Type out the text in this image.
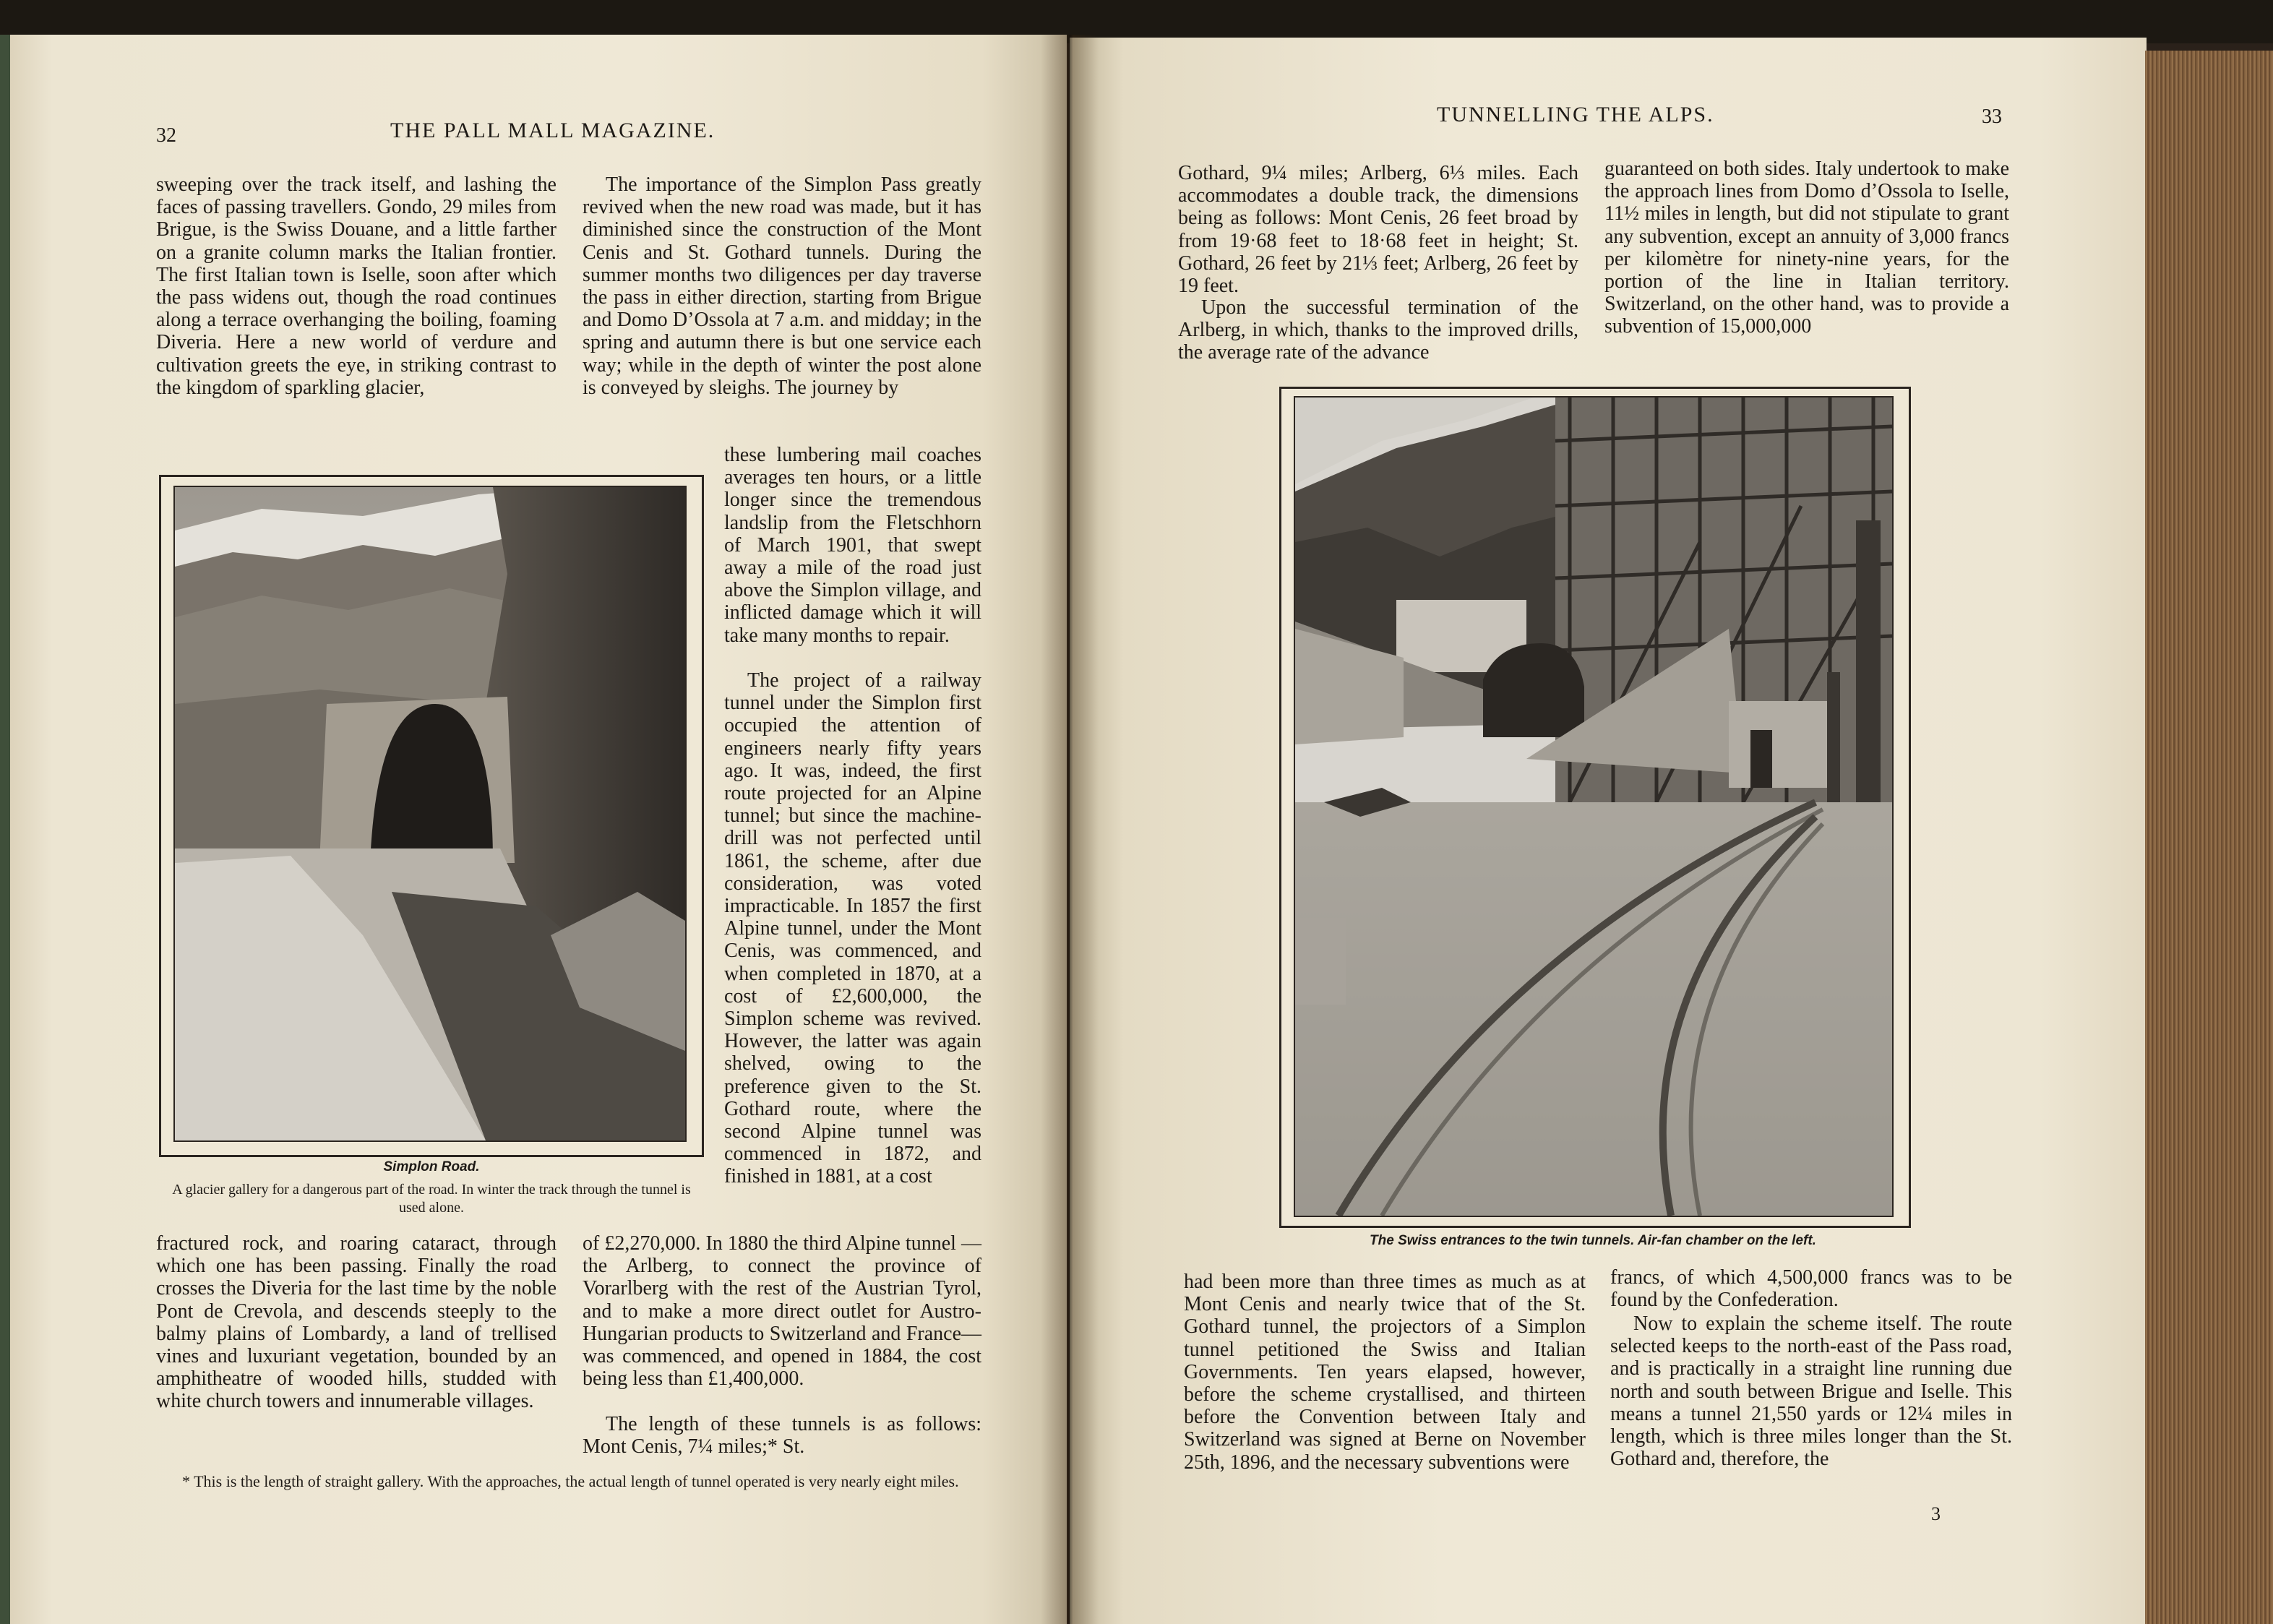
32	THE PALL MALL MAGAZINE.

sweeping over the track itself, and lashing the faces of passing travellers. Gondo, 29 miles from Brigue, is the Swiss Douane, and a little farther on a granite column marks the Italian frontier. The first Italian town is Iselle, soon after which the pass widens out, though the road continues along a terrace overhanging the boiling, foaming Diveria. Here a new world of verdure and cultivation greets the eye, in striking contrast to the kingdom of sparkling glacier,

The importance of the Simplon Pass greatly revived when the new road was made, but it has diminished since the construction of the Mont Cenis and St. Gothard tunnels. During the summer months two diligences per day traverse the pass in either direction, starting from Brigue and Domo D’Ossola at 7 a.m. and midday; in the spring and autumn there is but one service each way; while in the depth of winter the post alone is conveyed by sleighs. The journey by

these lumbering mail coaches averages ten hours, or a little longer since the tremendous landslip from the Fletschhorn of March 1901, that swept away a mile of the road just above the Simplon village, and inflicted damage which it will take many months to repair.

The project of a railway tunnel under the Simplon first occupied the attention of engineers nearly fifty years ago. It was, indeed, the first route projected for an Alpine tunnel; but since the machine-drill was not perfected until 1861, the scheme, after due consideration, was voted impracticable. In 1857 the first Alpine tunnel, under the Mont Cenis, was commenced, and when completed in 1870, at a cost of £2,600,000, the Simplon scheme was revived. However, the latter was again shelved, owing to the preference given to the St. Gothard route, where the second Alpine tunnel was commenced in 1872, and finished in 1881, at a cost

Simplon Road.

A glacier gallery for a dangerous part of the road. In winter the track through the tunnel is used alone.

fractured rock, and roaring cataract, through which one has been passing. Finally the road crosses the Diveria for the last time by the noble Pont de Crevola, and descends steeply to the balmy plains of Lombardy, a land of trellised vines and luxuriant vegetation, bounded by an amphitheatre of wooded hills, studded with white church towers and innumerable villages.

of £2,270,000. In 1880 the third Alpine tunnel — the Arlberg, to connect the province of Vorarlberg with the rest of the Austrian Tyrol, and to make a more direct outlet for Austro-Hungarian products to Switzerland and France—was commenced, and opened in 1884, the cost being less than £1,400,000.

The length of these tunnels is as follows: Mont Cenis, 7¼ miles;* St.

* This is the length of straight gallery. With the approaches, the actual length of tunnel operated is very nearly eight miles.

TUNNELLING THE ALPS.	33

Gothard, 9¼ miles; Arlberg, 6⅓ miles. Each accommodates a double track, the dimensions being as follows: Mont Cenis, 26 feet broad by from 19·68 feet to 18·68 feet in height; St. Gothard, 26 feet by 21⅓ feet; Arlberg, 26 feet by 19 feet.

Upon the successful termination of the Arlberg, in which, thanks to the improved drills, the average rate of the advance

guaranteed on both sides. Italy undertook to make the approach lines from Domo d’Ossola to Iselle, 11½ miles in length, but did not stipulate to grant any subvention, except an annuity of 3,000 francs per kilomètre for ninety-nine years, for the portion of the line in Italian territory. Switzerland, on the other hand, was to provide a subvention of 15,000,000

The Swiss entrances to the twin tunnels. Air-fan chamber on the left.

had been more than three times as much as at Mont Cenis and nearly twice that of the St. Gothard tunnel, the projectors of a Simplon tunnel petitioned the Swiss and Italian Governments. Ten years elapsed, however, before the scheme crystallised, and thirteen before the Convention between Italy and Switzerland was signed at Berne on November 25th, 1896, and the necessary subventions were

francs, of which 4,500,000 francs was to be found by the Confederation.

Now to explain the scheme itself. The route selected keeps to the north-east of the Pass road, and is practically in a straight line running due north and south between Brigue and Iselle. This means a tunnel 21,550 yards or 12¼ miles in length, which is three miles longer than the St. Gothard and, therefore, the

3
